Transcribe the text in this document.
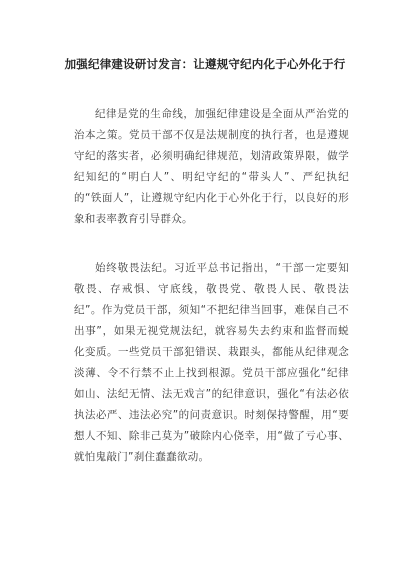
加强纪律建设研讨发言：让遵规守纪内化于心外化于行

纪律是党的生命线，加强纪律建设是全面从严治党的治本之策。党员干部不仅是法规制度的执行者，也是遵规守纪的落实者，必须明确纪律规范，划清政策界限，做学纪知纪的“明白人”、明纪守纪的“带头人”、严纪执纪的“铁面人”，让遵规守纪内化于心外化于行，以良好的形象和表率教育引导群众。

始终敬畏法纪。习近平总书记指出，“干部一定要知敬畏、存戒惧、守底线，敬畏党、敬畏人民、敬畏法纪”。作为党员干部，须知“不把纪律当回事，难保自己不出事”，如果无视党规法纪，就容易失去约束和监督而蜕化变质。一些党员干部犯错误、栽跟头，都能从纪律观念淡薄、令不行禁不止上找到根源。党员干部应强化“纪律如山、法纪无情、法无戏言”的纪律意识，强化“有法必依执法必严、违法必究”的问责意识。时刻保持警醒，用“要想人不知、除非己莫为”破除内心侥幸，用“做了亏心事、就怕鬼敲门”刹住蠢蠢欲动。
